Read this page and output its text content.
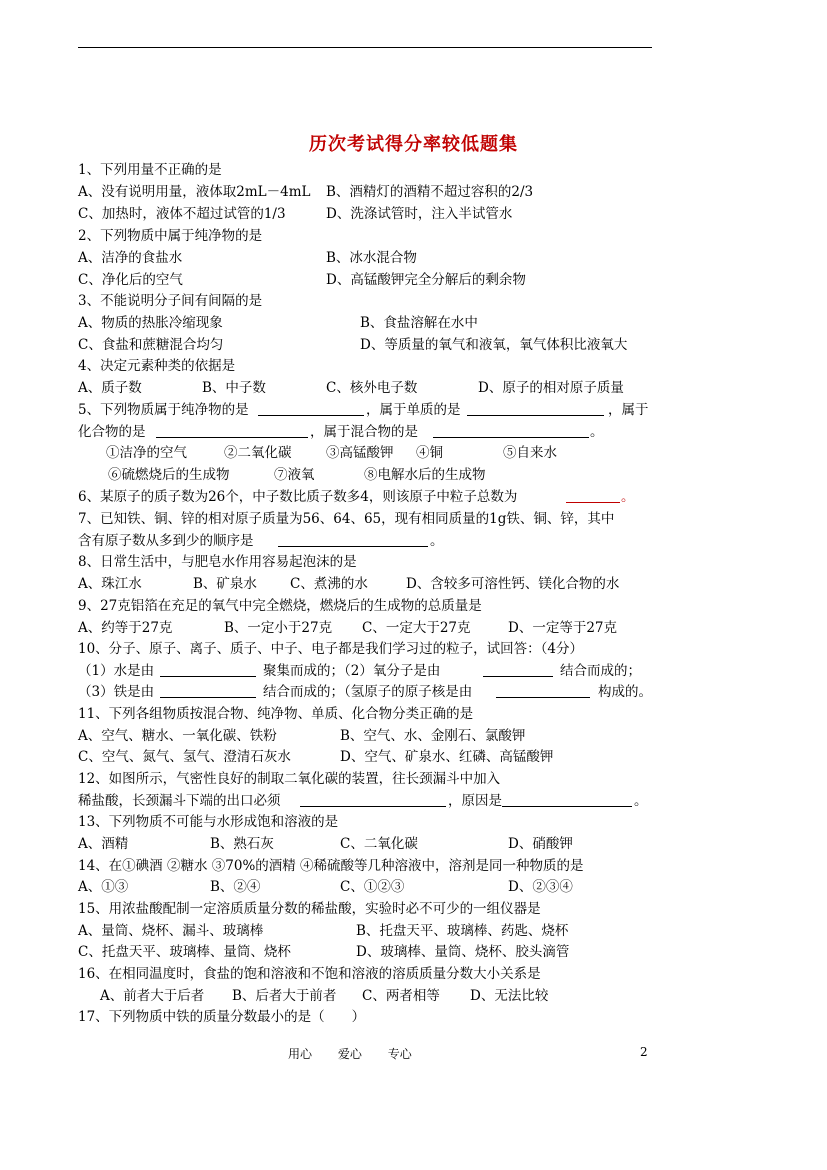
历次考试得分率较低题集
1、下列用量不正确的是
A、没有说明用量，液体取2mL－4mL B、酒精灯的酒精不超过容积的2/3
C、加热时，液体不超过试管的1/3	D、洗涤试管时，注入半试管水
2、下列物质中属于纯净物的是
A、洁净的食盐水	B、冰水混合物
C、净化后的空气	D、高锰酸钾完全分解后的剩余物
3、不能说明分子间有间隔的是
A、物质的热胀冷缩现象	B、食盐溶解在水中
C、食盐和蔗糖混合均匀	D、等质量的氧气和液氧，氧气体积比液氧大
4、决定元素种类的依据是
A、质子数	B、中子数	C、核外电子数	D、原子的相对原子质量
5、下列物质属于纯净物的是	，属于单质的是	，属于
化合物的是	，属于混合物的是	。
①洁净的空气	②二氧化碳	③高锰酸钾 ④铜	⑤自来水
⑥硫燃烧后的生成物	⑦液氧	⑧电解水后的生成物
6、某原子的质子数为26个，中子数比质子数多4，则该原子中粒子总数为	。
7、已知铁、铜、锌的相对原子质量为56、64、65，现有相同质量的1g铁、铜、锌，其中
含有原子数从多到少的顺序是	。
8、日常生活中，与肥皂水作用容易起泡沫的是
A、珠江水	B、矿泉水 C、煮沸的水	D、含较多可溶性钙、镁化合物的水
9、27克铝箔在充足的氧气中完全燃烧，燃烧后的生成物的总质量是
A、约等于27克	B、一定小于27克 C、一定大于27克	D、一定等于27克
10、分子、原子、离子、质子、中子、电子都是我们学习过的粒子，试回答：（4分）
（1）水是由	聚集而成的；（2）氧分子是由	结合而成的；
（3）铁是由	结合而成的；（氢原子的原子核是由	构成的。
11、下列各组物质按混合物、纯净物、单质、化合物分类正确的是
A、空气、糖水、一氧化碳、铁粉	B、空气、水、金刚石、氯酸钾
C、空气、氮气、氢气、澄清石灰水	D、空气、矿泉水、红磷、高锰酸钾
12、如图所示，气密性良好的制取二氧化碳的装置，往长颈漏斗中加入
稀盐酸，长颈漏斗下端的出口必须	，原因是	。
13、下列物质不可能与水形成饱和溶液的是
A、酒精	B、熟石灰	C、二氧化碳	D、硝酸钾
14、在①碘酒 ②糖水 ③70%的酒精 ④稀硫酸等几种溶液中，溶剂是同一种物质的是
A、①③	B、②④	C、①②③	D、②③④
15、用浓盐酸配制一定溶质质量分数的稀盐酸，实验时必不可少的一组仪器是
A、量筒、烧杯、漏斗、玻璃棒	B、托盘天平、玻璃棒、药匙、烧杯
C、托盘天平、玻璃棒、量筒、烧杯	D、玻璃棒、量筒、烧杯、胶头滴管
16、在相同温度时，食盐的饱和溶液和不饱和溶液的溶质质量分数大小关系是
A、前者大于后者 B、后者大于前者 C、两者相等 D、无法比较
17、下列物质中铁的质量分数最小的是（　　）
用心 爱心 专心	2
